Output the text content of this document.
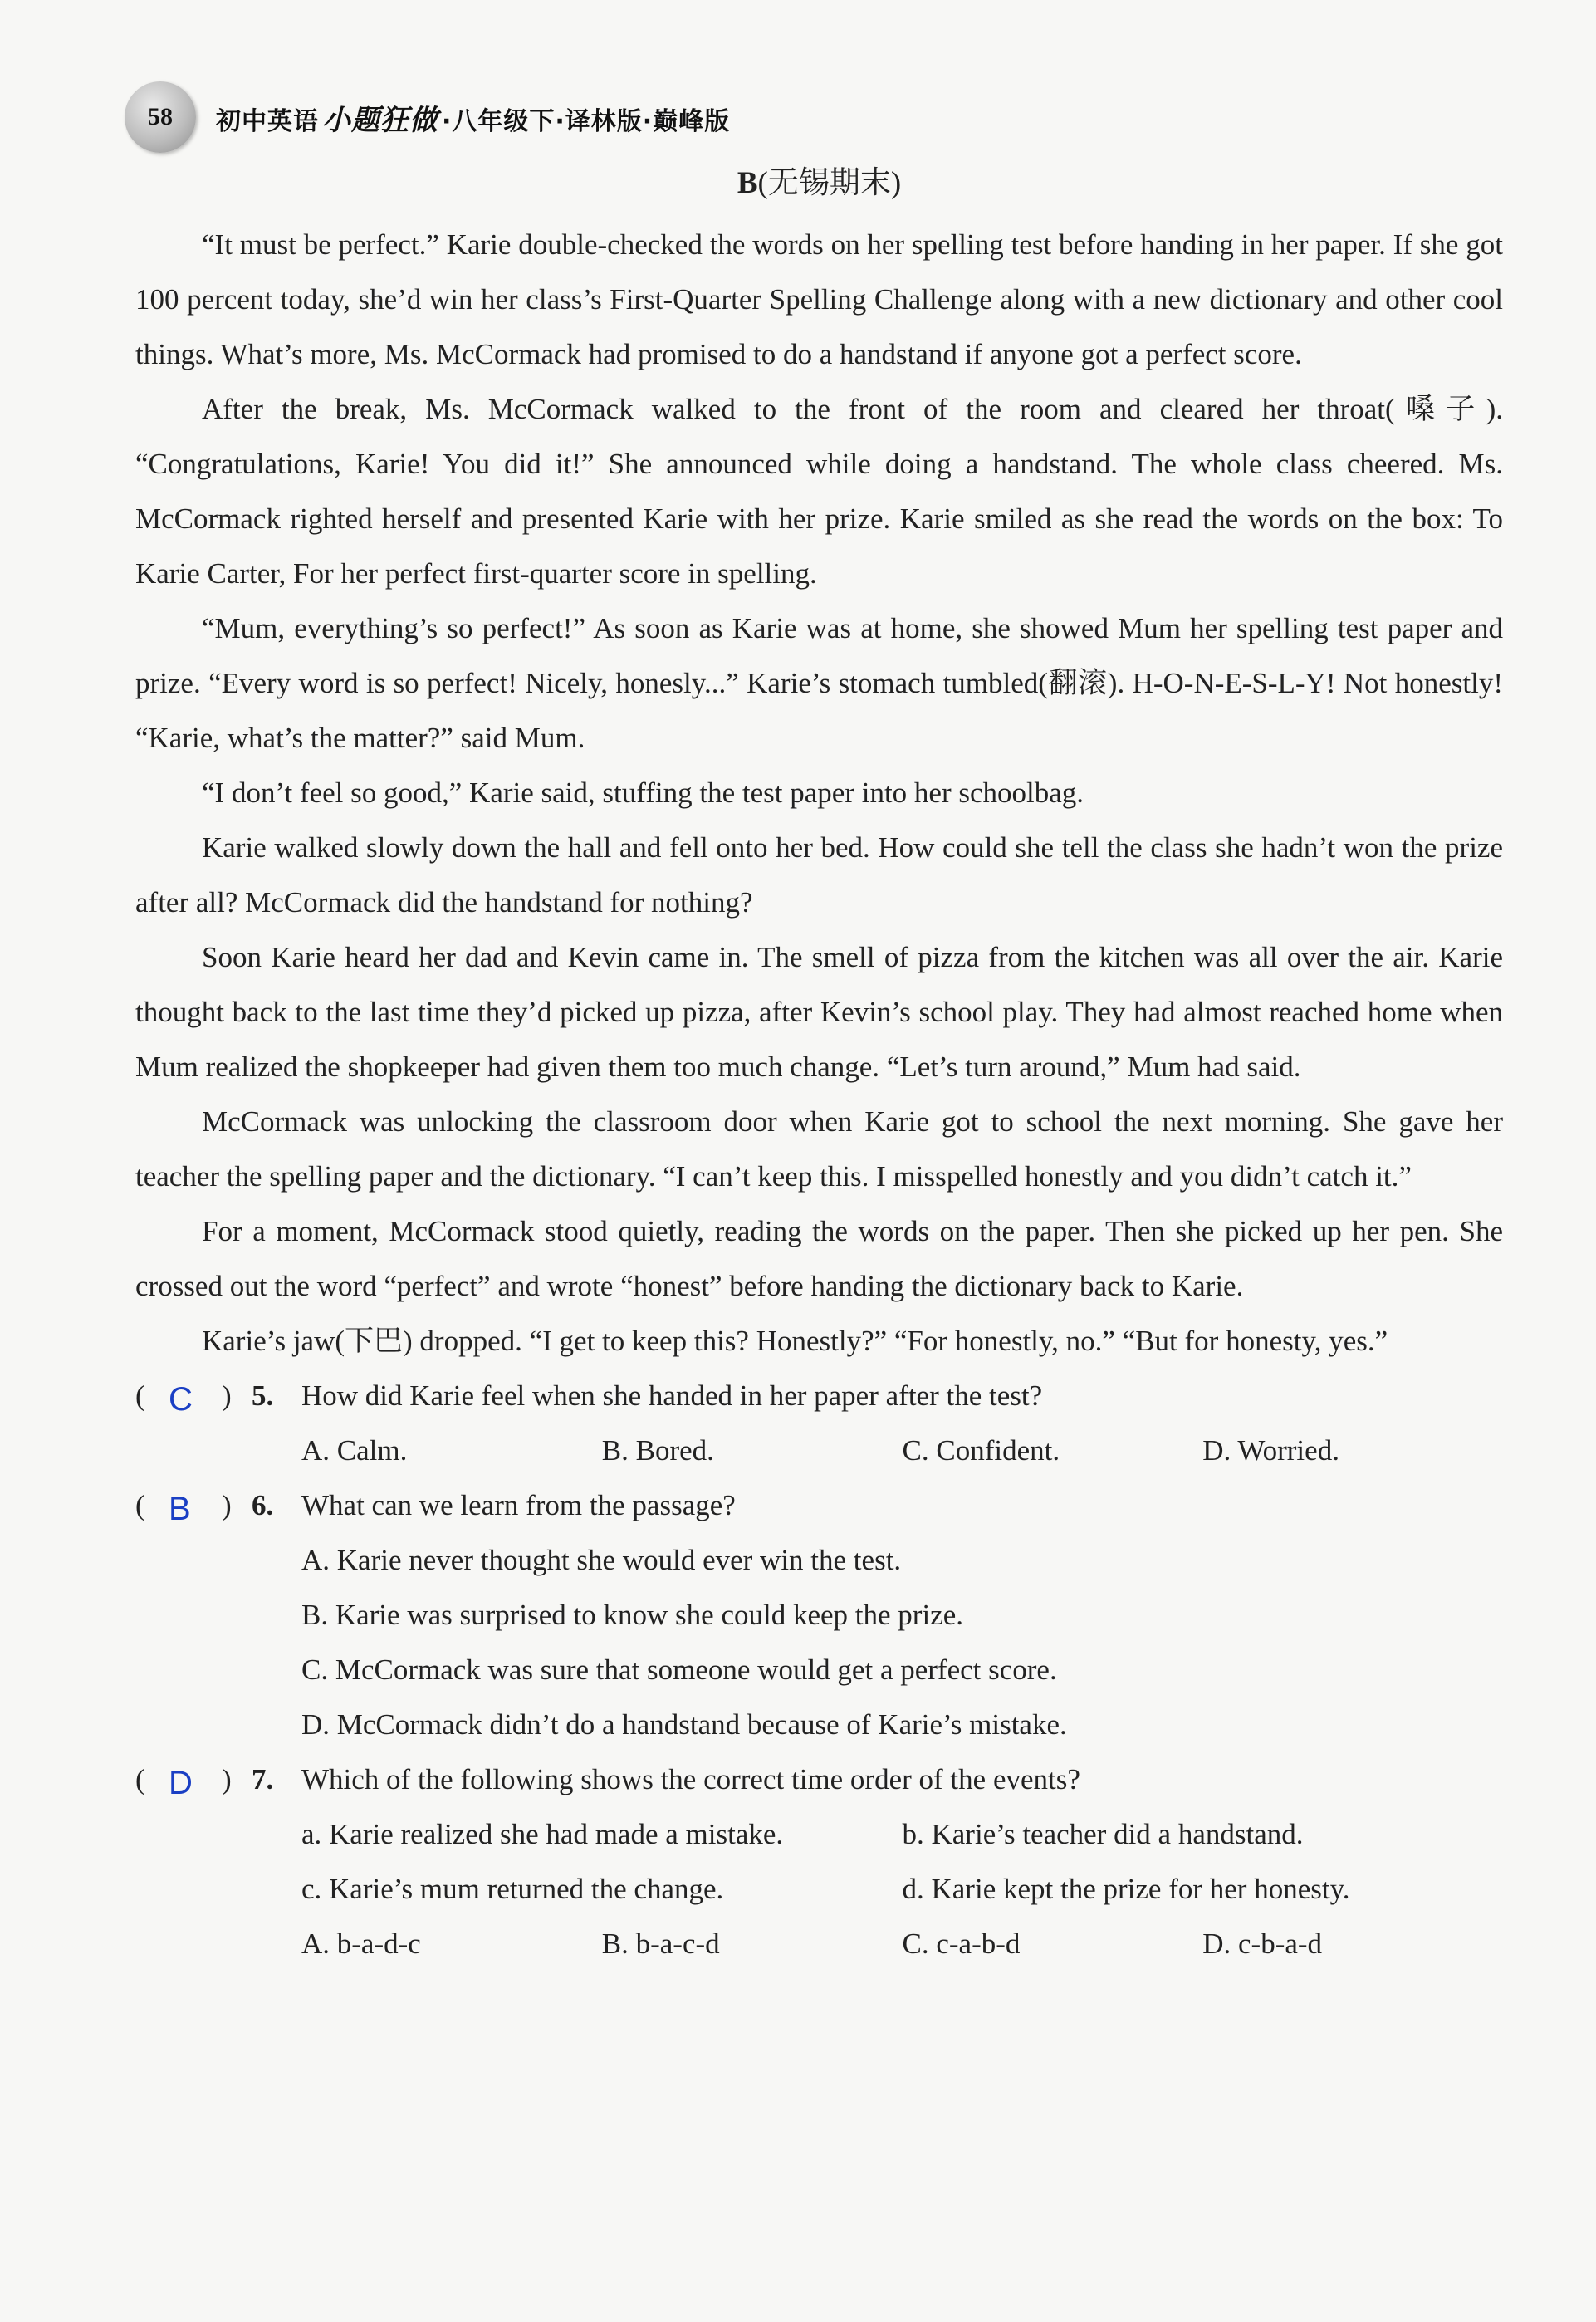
58	初中英语 小题狂做 ·八年级下·译林版·巅峰版
B(无锡期末)

“It must be perfect.” Karie double-checked the words on her spelling test before handing in her paper. If she got 100 percent today, she’d win her class’s First-Quarter Spelling Challenge along with a new dictionary and other cool things. What’s more, Ms. McCormack had promised to do a handstand if anyone got a perfect score.

After the break, Ms. McCormack walked to the front of the room and cleared her throat(嗓子). “Congratulations, Karie! You did it!” She announced while doing a handstand. The whole class cheered. Ms. McCormack righted herself and presented Karie with her prize. Karie smiled as she read the words on the box: To Karie Carter, For her perfect first-quarter score in spelling.

“Mum, everything’s so perfect!” As soon as Karie was at home, she showed Mum her spelling test paper and prize. “Every word is so perfect! Nicely, honesly...” Karie’s stomach tumbled(翻滚). H-O-N-E-S-L-Y! Not honestly! “Karie, what’s the matter?” said Mum.

“I don’t feel so good,” Karie said, stuffing the test paper into her schoolbag.

Karie walked slowly down the hall and fell onto her bed. How could she tell the class she hadn’t won the prize after all? McCormack did the handstand for nothing?

Soon Karie heard her dad and Kevin came in. The smell of pizza from the kitchen was all over the air. Karie thought back to the last time they’d picked up pizza, after Kevin’s school play. They had almost reached home when Mum realized the shopkeeper had given them too much change. “Let’s turn around,” Mum had said.

McCormack was unlocking the classroom door when Karie got to school the next morning. She gave her teacher the spelling paper and the dictionary. “I can’t keep this. I misspelled honestly and you didn’t catch it.”

For a moment, McCormack stood quietly, reading the words on the paper. Then she picked up her pen. She crossed out the word “perfect” and wrote “honest” before handing the dictionary back to Karie.

Karie’s jaw(下巴) dropped. “I get to keep this? Honestly?” “For honestly, no.” “But for honesty, yes.”

( C ) 5. How did Karie feel when she handed in her paper after the test?
A. Calm.	B. Bored.	C. Confident.	D. Worried.
( B ) 6. What can we learn from the passage?
A. Karie never thought she would ever win the test.
B. Karie was surprised to know she could keep the prize.
C. McCormack was sure that someone would get a perfect score.
D. McCormack didn’t do a handstand because of Karie’s mistake.
( D ) 7. Which of the following shows the correct time order of the events?
a. Karie realized she had made a mistake.	b. Karie’s teacher did a handstand.
c. Karie’s mum returned the change.	d. Karie kept the prize for her honesty.
A. b-a-d-c	B. b-a-c-d	C. c-a-b-d	D. c-b-a-d
